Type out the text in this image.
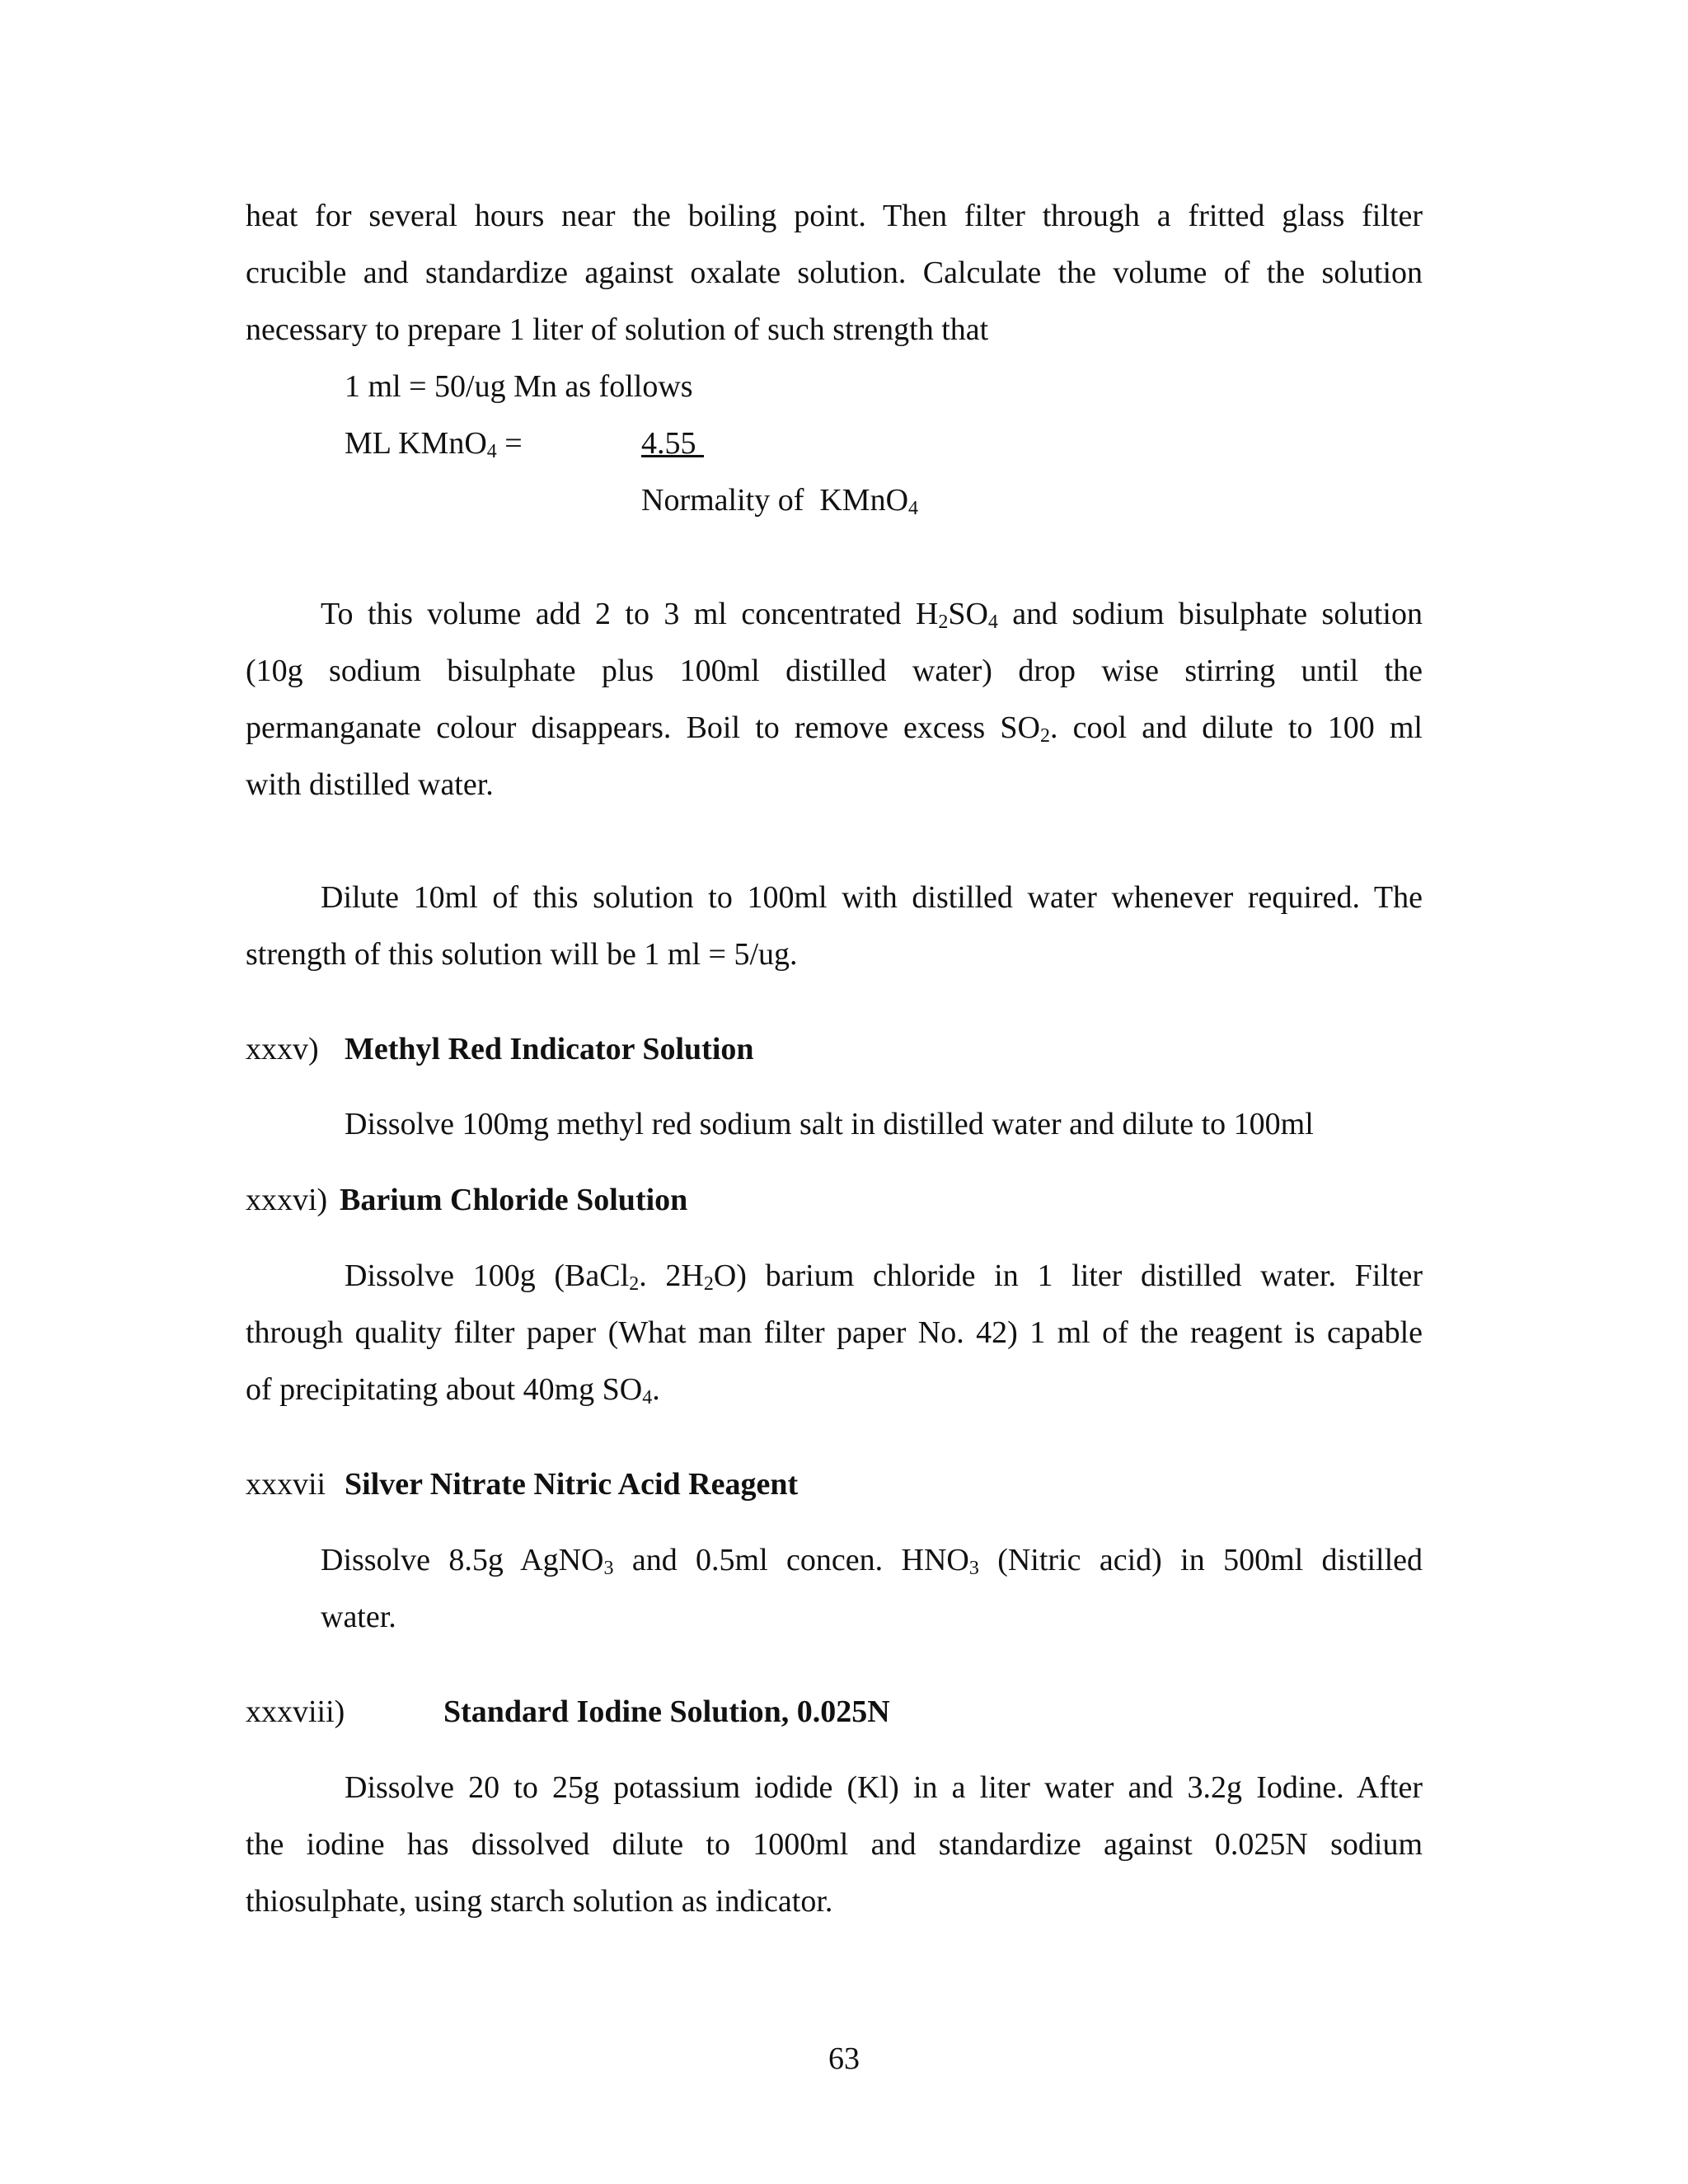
heat for several hours near the boiling point. Then filter through a fritted glass filter
crucible and standardize against oxalate solution. Calculate the volume of the solution
necessary to prepare 1 liter of solution of such strength that
1 ml = 50/ug Mn as follows
ML KMnO$_4$ =	4.55
Normality of  KMnO$_4$
To this volume add 2 to 3 ml concentrated $H_2SO_4$ and sodium bisulphate solution
(10g sodium bisulphate plus 100ml distilled water) drop wise stirring until the
permanganate colour disappears. Boil to remove excess $SO_2$. cool and dilute to 100 ml
with distilled water.
Dilute 10ml of this solution to 100ml with distilled water whenever required. The
strength of this solution will be 1 ml = 5/ug.
xxxv) Methyl Red Indicator Solution
Dissolve 100mg methyl red sodium salt in distilled water and dilute to 100ml
xxxvi) Barium Chloride Solution
Dissolve 100g (BaCl$_2$. $2H_2O$) barium chloride in 1 liter distilled water. Filter
through quality filter paper (What man filter paper No. 42) 1 ml of the reagent is capable
of precipitating about 40mg $SO_4$.
xxxvii Silver Nitrate Nitric Acid Reagent
Dissolve 8.5g AgNO$_3$ and 0.5ml concen. $HNO_3$ (Nitric acid) in 500ml distilled
water.
xxxviii)	Standard Iodine Solution, 0.025N
Dissolve 20 to 25g potassium iodide (Kl) in a liter water and 3.2g Iodine. After
the iodine has dissolved dilute to 1000ml and standardize against 0.025N sodium
thiosulphate, using starch solution as indicator.
63
